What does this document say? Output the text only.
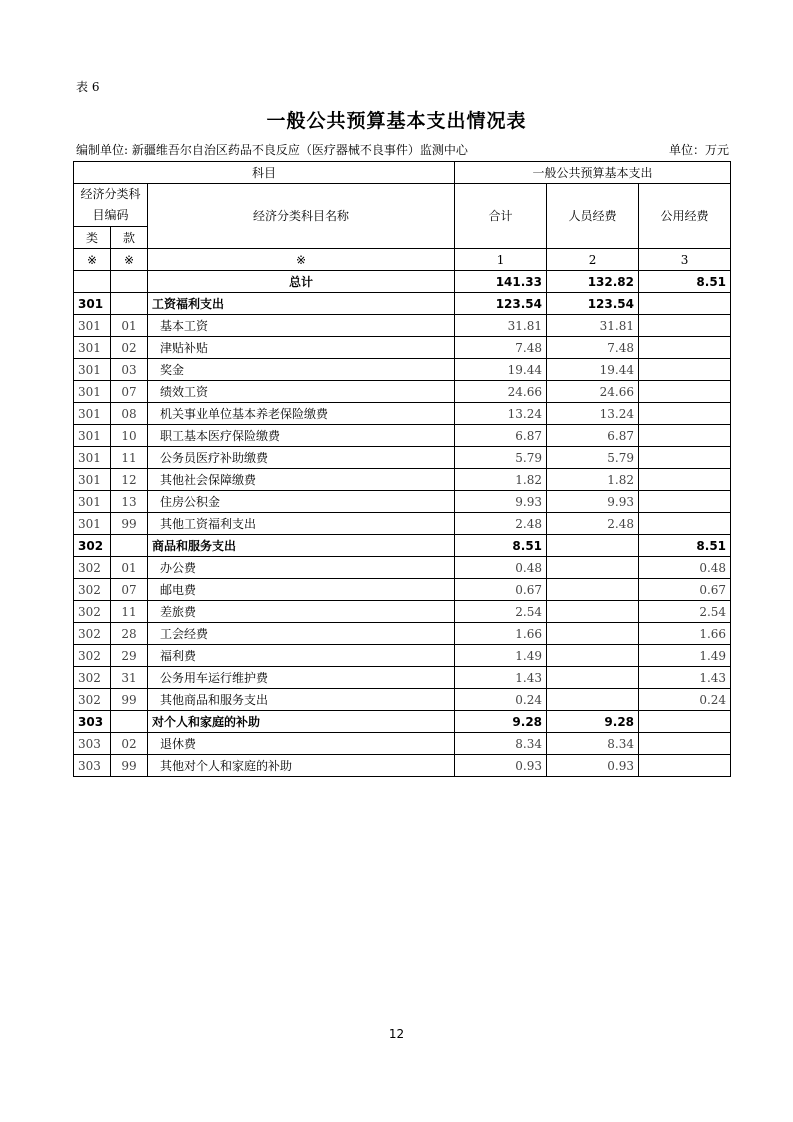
表 6
一般公共预算基本支出情况表
编制单位: 新疆维吾尔自治区药品不良反应（医疗器械不良事件）监测中心	单位：万元
科目			一般公共预算基本支出		
经济分类科目编码		经济分类科目名称	合计	人员经费	公用经费
类	款				
※	※	※	1	2	3
		总计	141.33	132.82	8.51
301		工资福利支出	123.54	123.54	
301	01	基本工资	31.81	31.81	
301	02	津贴补贴	7.48	7.48	
301	03	奖金	19.44	19.44	
301	07	绩效工资	24.66	24.66	
301	08	机关事业单位基本养老保险缴费	13.24	13.24	
301	10	职工基本医疗保险缴费	6.87	6.87	
301	11	公务员医疗补助缴费	5.79	5.79	
301	12	其他社会保障缴费	1.82	1.82	
301	13	住房公积金	9.93	9.93	
301	99	其他工资福利支出	2.48	2.48	
302		商品和服务支出	8.51		8.51
302	01	办公费	0.48		0.48
302	07	邮电费	0.67		0.67
302	11	差旅费	2.54		2.54
302	28	工会经费	1.66		1.66
302	29	福利费	1.49		1.49
302	31	公务用车运行维护费	1.43		1.43
302	99	其他商品和服务支出	0.24		0.24
303		对个人和家庭的补助	9.28	9.28	
303	02	退休费	8.34	8.34	
303	99	其他对个人和家庭的补助	0.93	0.93	
12
